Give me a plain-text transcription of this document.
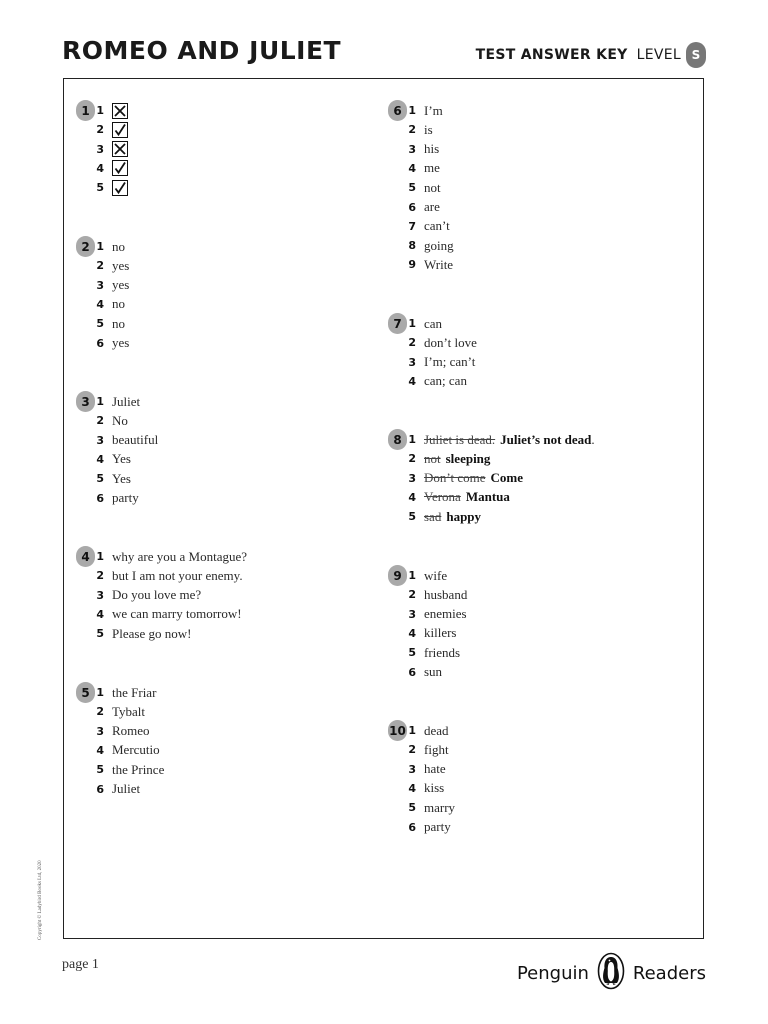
ROMEO AND JULIET	TEST ANSWER KEY LEVEL S
1 1
2
3
4
5
2 1 no
2 yes
3 yes
4 no
5 no
6 yes
3 1 Juliet
2 No
3 beautiful
4 Yes
5 Yes
6 party
4 1 why are you a Montague?
2 but I am not your enemy.
3 Do you love me?
4 we can marry tomorrow!
5 Please go now!
5 1 the Friar
2 Tybalt
3 Romeo
4 Mercutio
5 the Prince
6 Juliet
6 1 I’m
2 is
3 his
4 me
5 not
6 are
7 can’t
8 going
9 Write
7 1 can
2 don’t love
3 I’m; can’t
4 can; can
8 1 Juliet is dead. Juliet’s not dead.
2 not sleeping
3 Don’t come Come
4 Verona Mantua
5 sad happy
9 1 wife
2 husband
3 enemies
4 killers
5 friends
6 sun
10 1 dead
2 fight
3 hate
4 kiss
5 marry
6 party
Copyright © Ladybird Books Ltd, 2020
page 1	Penguin Readers
